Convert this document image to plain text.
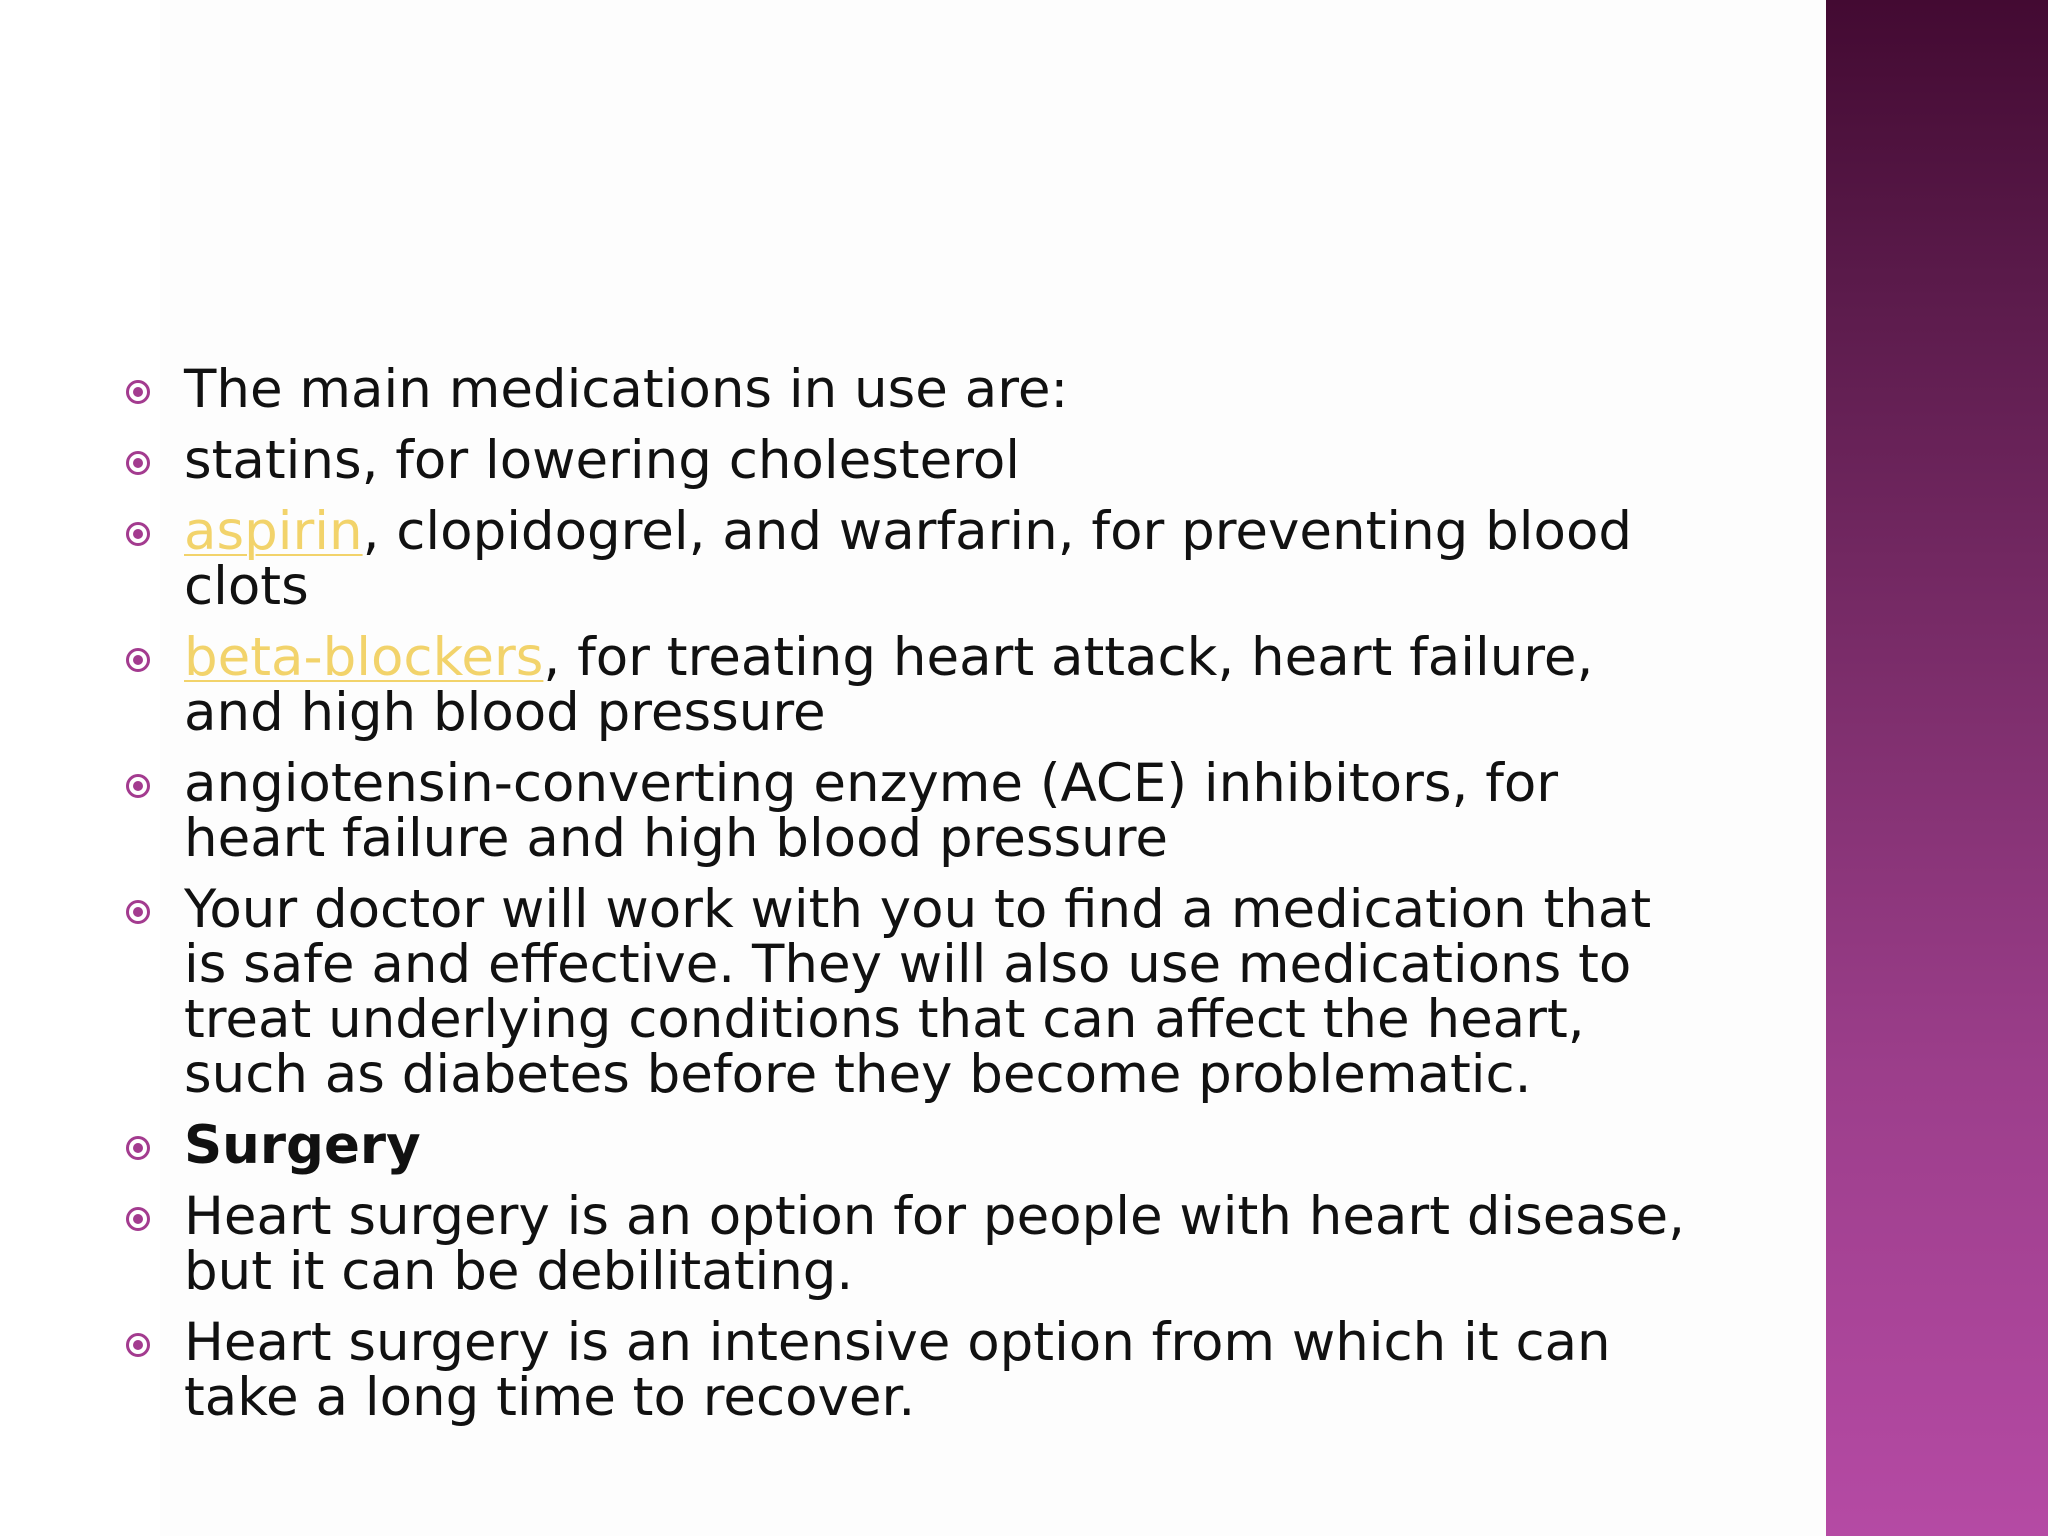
The main medications in use are:
statins, for lowering cholesterol
aspirin, clopidogrel, and warfarin, for preventing blood clots
beta-blockers, for treating heart attack, heart failure, and high blood pressure
angiotensin-converting enzyme (ACE) inhibitors, for heart failure and high blood pressure
Your doctor will work with you to find a medication that is safe and effective. They will also use medications to treat underlying conditions that can affect the heart, such as diabetes before they become problematic.
Surgery
Heart surgery is an option for people with heart disease, but it can be debilitating.
Heart surgery is an intensive option from which it can take a long time to recover.
